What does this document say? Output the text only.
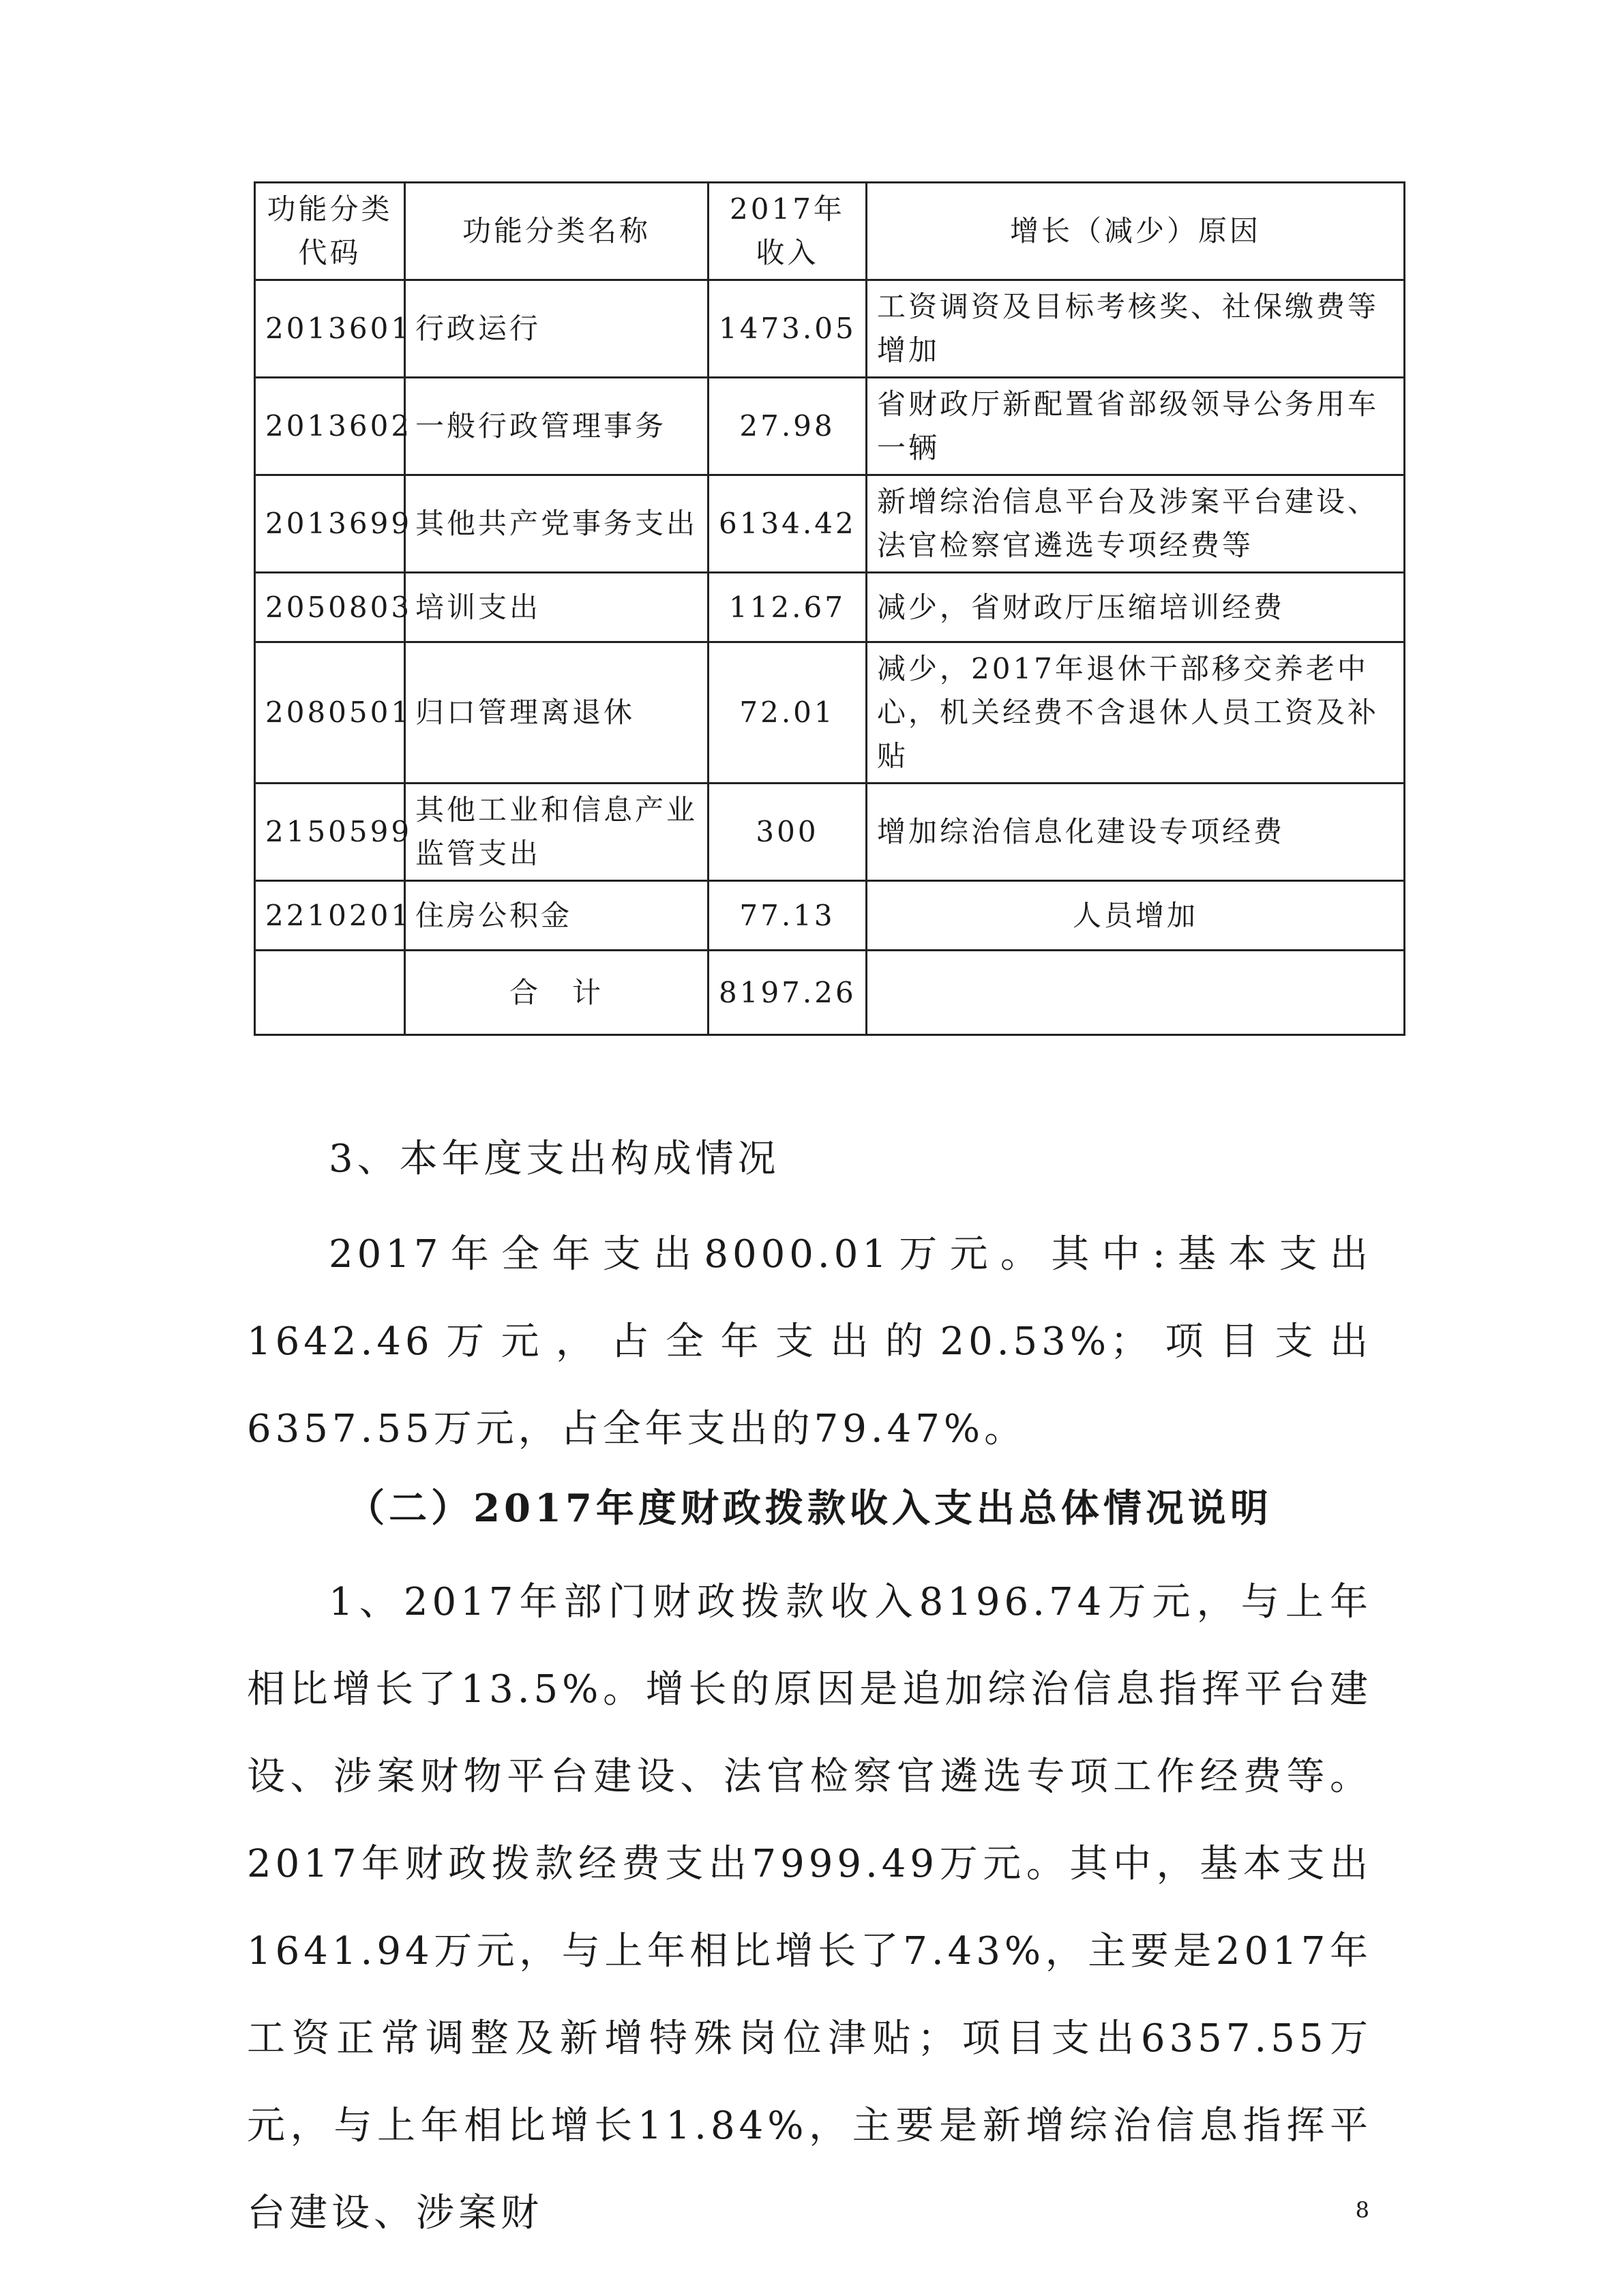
功能分类代码	功能分类名称	2017年收入	增长（减少）原因
2013601	行政运行	1473.05	工资调资及目标考核奖、社保缴费等增加
2013602	一般行政管理事务	27.98	省财政厅新配置省部级领导公务用车一辆
2013699	其他共产党事务支出	6134.42	新增综治信息平台及涉案平台建设、法官检察官遴选专项经费等
2050803	培训支出	112.67	减少，省财政厅压缩培训经费
2080501	归口管理离退休	72.01	减少，2017年退休干部移交养老中心，机关经费不含退休人员工资及补贴
2150599	其他工业和信息产业监管支出	300	增加综治信息化建设专项经费
2210201	住房公积金	77.13	人员增加
	合　计	8197.26	

3、本年度支出构成情况

2017年全年支出8000.01万元。其中:基本支出1642.46万元，占全年支出的20.53%；项目支出6357.55万元，占全年支出的79.47%。

（二）2017年度财政拨款收入支出总体情况说明

1、2017年部门财政拨款收入8196.74万元，与上年相比增长了13.5%。增长的原因是追加综治信息指挥平台建设、涉案财物平台建设、法官检察官遴选专项工作经费等。2017年财政拨款经费支出7999.49万元。其中，基本支出1641.94万元，与上年相比增长了7.43%，主要是2017年工资正常调整及新增特殊岗位津贴；项目支出6357.55万元，与上年相比增长11.84%，主要是新增综治信息指挥平台建设、涉案财	8
